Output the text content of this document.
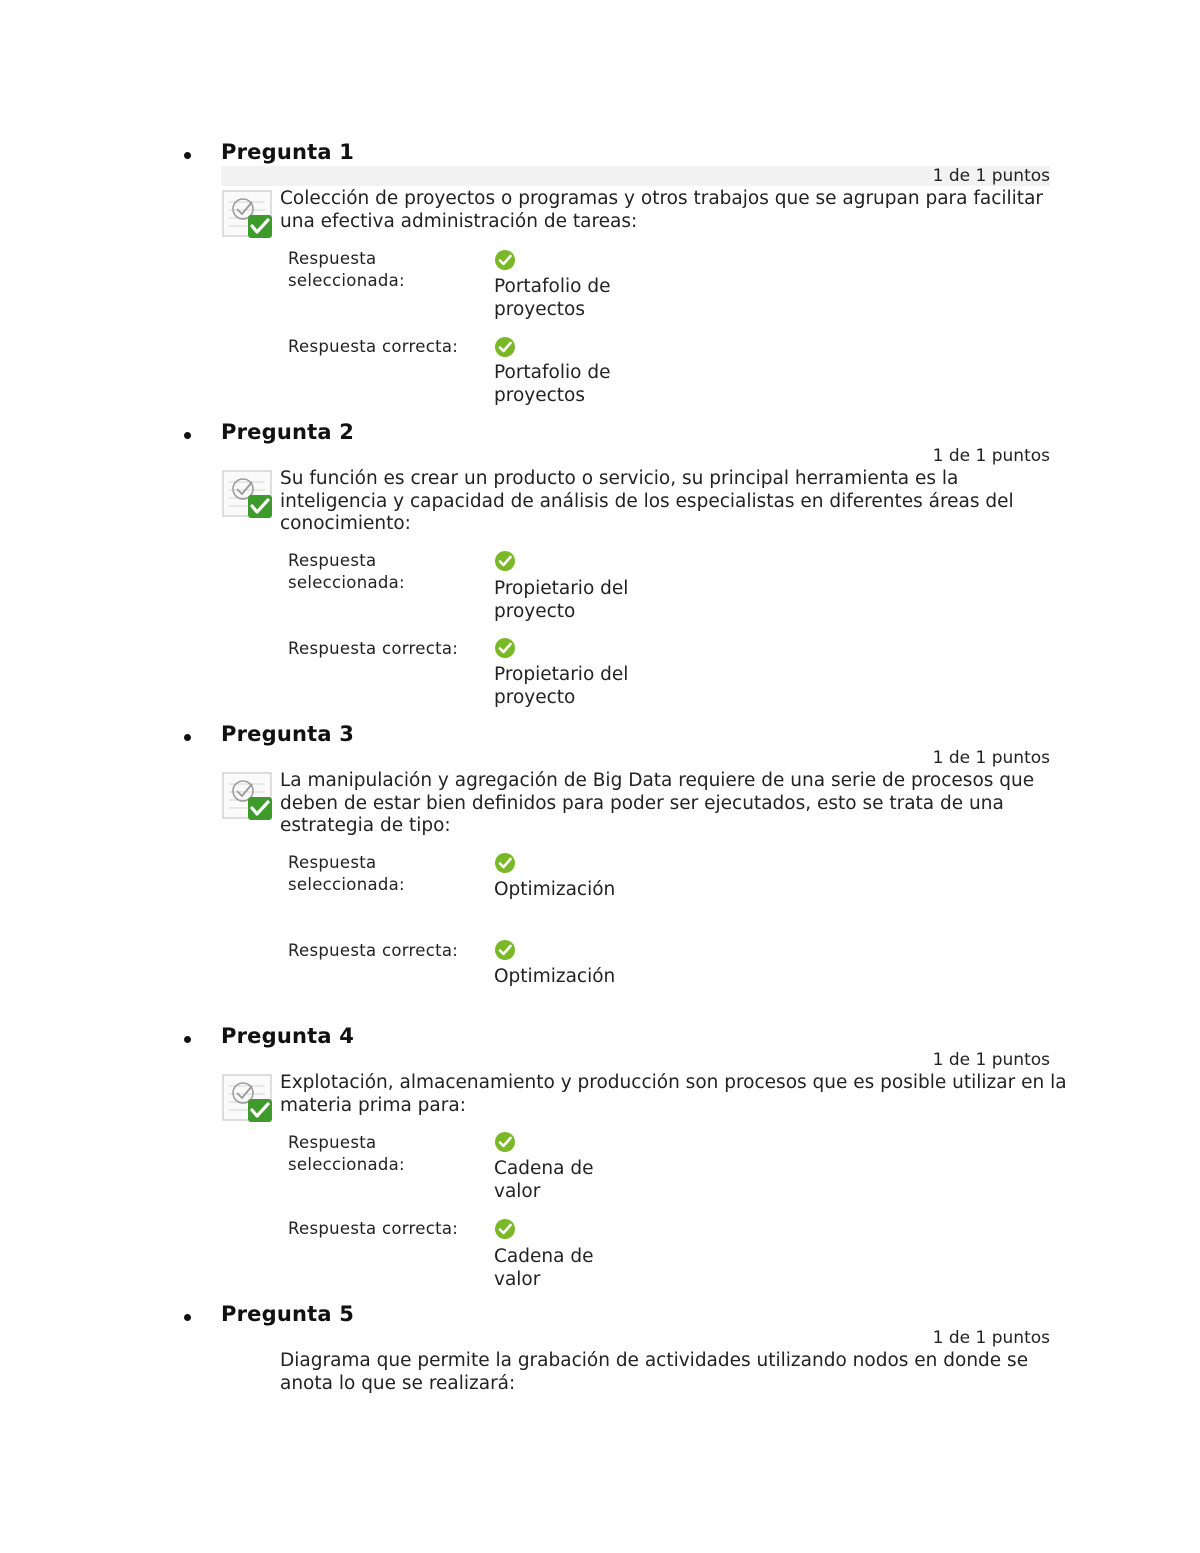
Pregunta 1
1 de 1 puntos
Colección de proyectos o programas y otros trabajos que se agrupan para facilitar una efectiva administración de tareas:
Respuesta seleccionada:	Portafolio de proyectos
Respuesta correcta:
Portafolio de proyectos
Pregunta 2
1 de 1 puntos
Su función es crear un producto o servicio, su principal herramienta es la inteligencia y capacidad de análisis de los especialistas en diferentes áreas del conocimiento:
Respuesta seleccionada:	Propietario del proyecto
Respuesta correcta:
Propietario del proyecto
Pregunta 3
1 de 1 puntos
La manipulación y agregación de Big Data requiere de una serie de procesos que deben de estar bien definidos para poder ser ejecutados, esto se trata de una estrategia de tipo:
Respuesta seleccionada:	Optimización
Respuesta correcta:
Optimización
Pregunta 4
1 de 1 puntos
Explotación, almacenamiento y producción son procesos que es posible utilizar en la materia prima para:
Respuesta seleccionada:	Cadena de valor
Respuesta correcta:
Cadena de valor
Pregunta 5
1 de 1 puntos
Diagrama que permite la grabación de actividades utilizando nodos en donde se anota lo que se realizará:
